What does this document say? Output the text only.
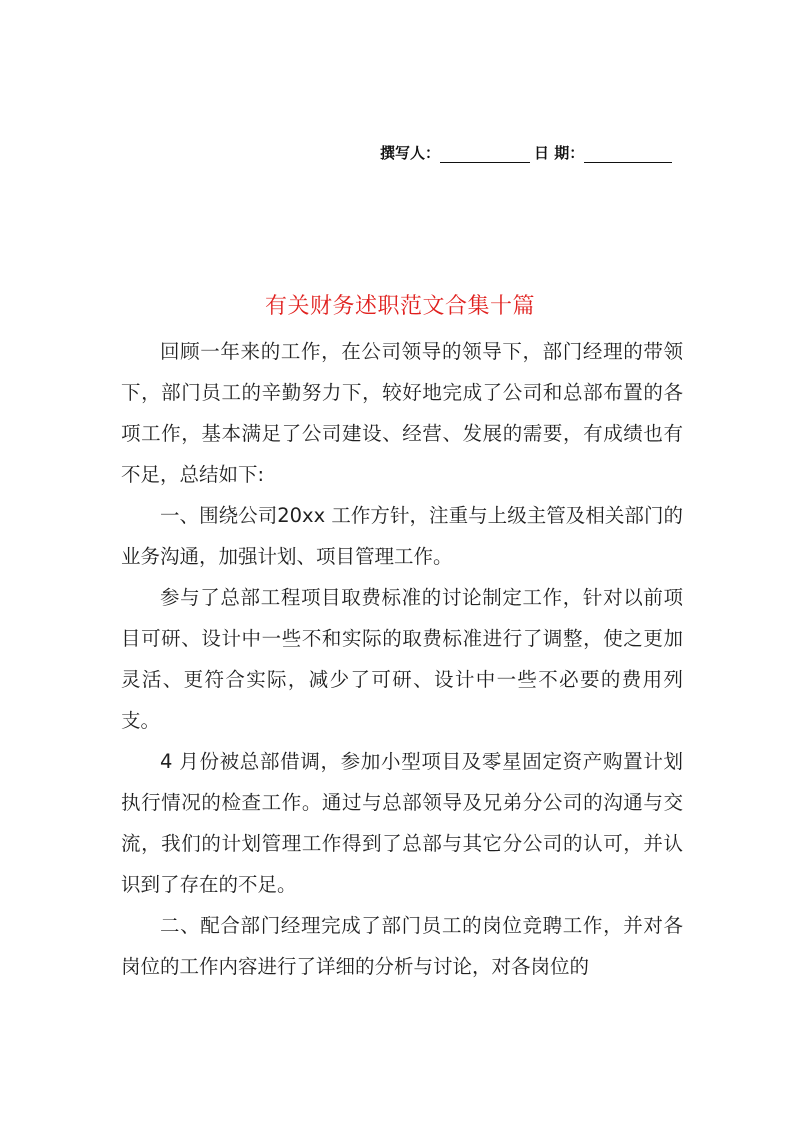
撰写人：	日 期：
有关财务述职范文合集十篇

回顾一年来的工作，在公司领导的领导下，部门经理的带领下，部门员工的辛勤努力下，较好地完成了公司和总部布置的各项工作，基本满足了公司建设、经营、发展的需要，有成绩也有不足，总结如下:

一、围绕公司20xx 工作方针，注重与上级主管及相关部门的业务沟通，加强计划、项目管理工作。

参与了总部工程项目取费标准的讨论制定工作，针对以前项目可研、设计中一些不和实际的取费标准进行了调整，使之更加灵活、更符合实际，减少了可研、设计中一些不必要的费用列支。

4 月份被总部借调，参加小型项目及零星固定资产购置计划执行情况的检查工作。通过与总部领导及兄弟分公司的沟通与交流，我们的计划管理工作得到了总部与其它分公司的认可，并认识到了存在的不足。

二、配合部门经理完成了部门员工的岗位竞聘工作，并对各岗位的工作内容进行了详细的分析与讨论，对各岗位的
